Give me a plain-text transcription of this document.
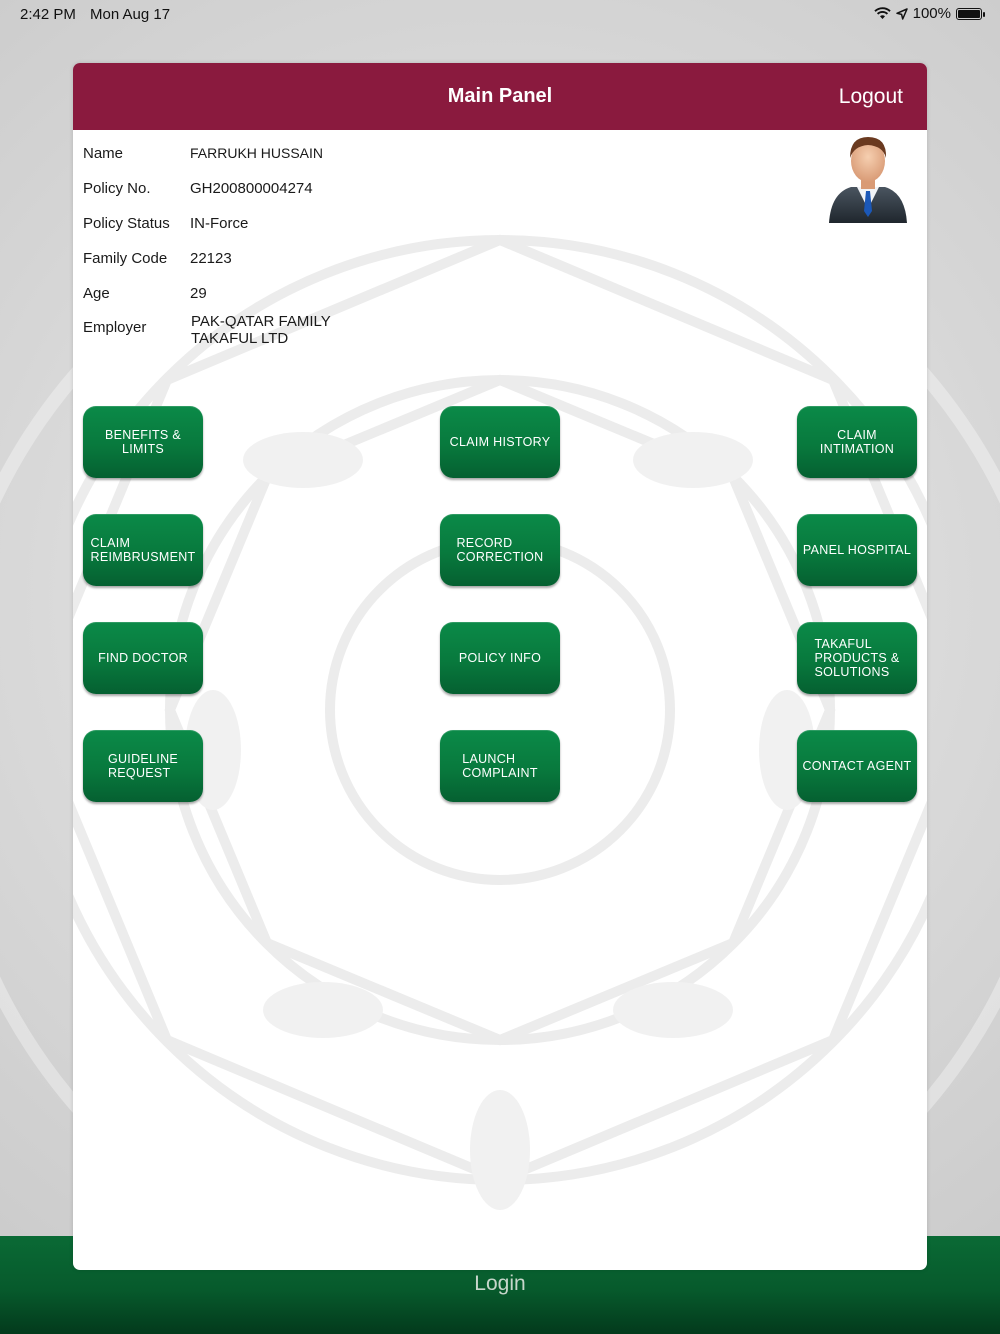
2:42 PM Mon Aug 17	100%
Login
Main Panel	Logout
Name	FARRUKH HUSSAIN
Policy No.	GH200800004274
Policy Status IN-Force
Family Code 22123
Age	29
Employer	PAK-QATAR FAMILY
TAKAFUL LTD
BENEFITS & LIMITS	CLAIM HISTORY	CLAIM INTIMATION
CLAIM
REIMBRUSMENT
RECORD
CORRECTION	PANEL HOSPITAL
FIND DOCTOR	POLICY INFO
TAKAFUL
PRODUCTS &
SOLUTIONS
GUIDELINE
REQUEST
LAUNCH
COMPLAINT	CONTACT AGENT
